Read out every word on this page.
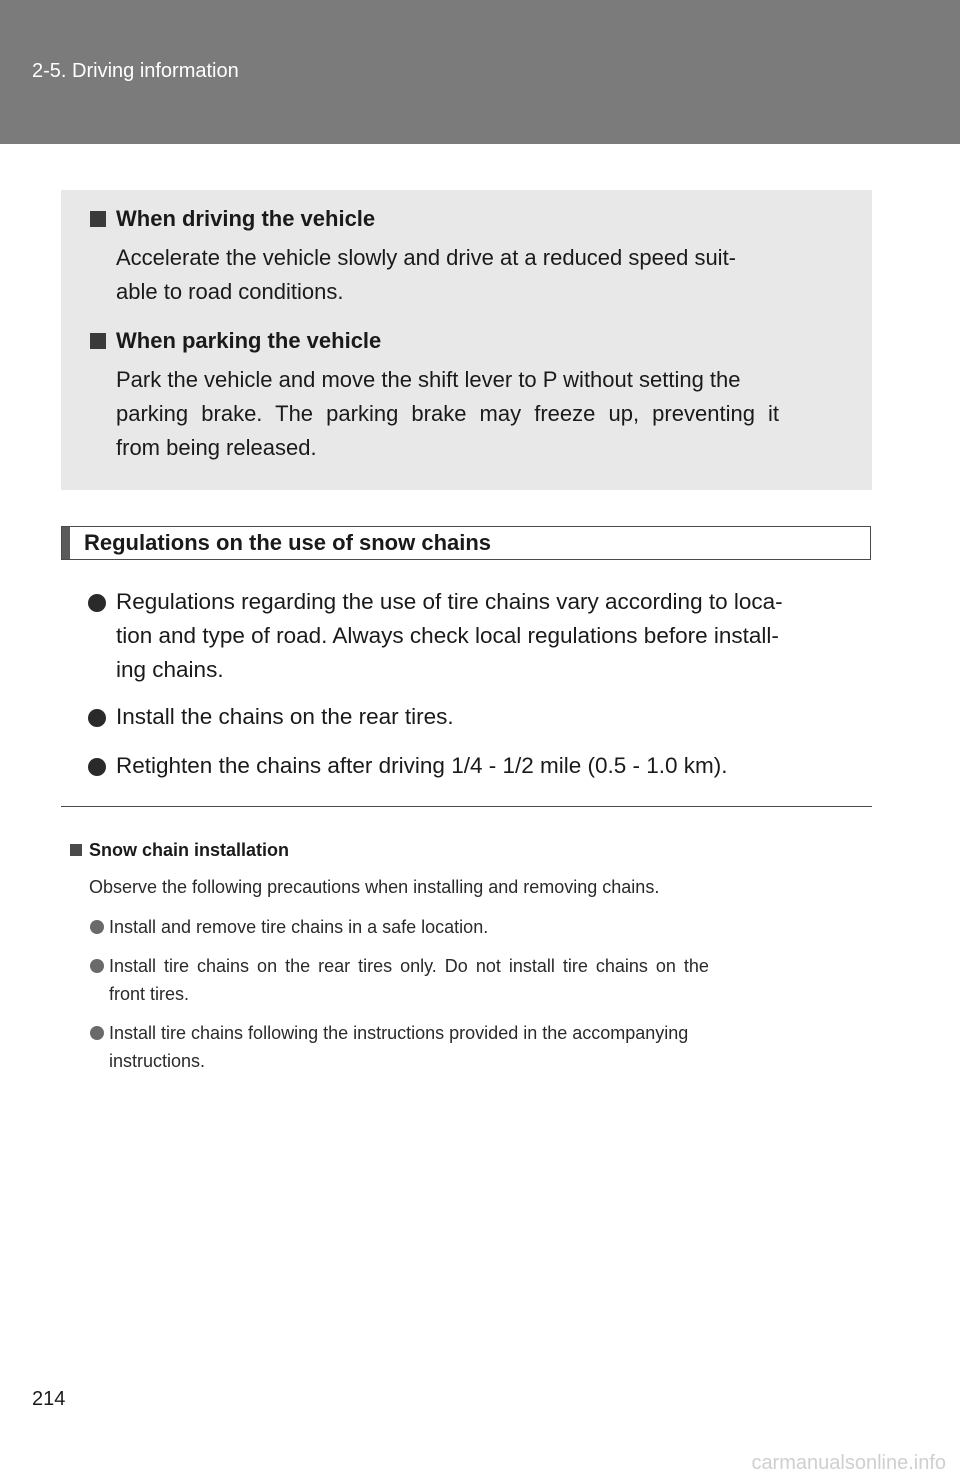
2-5. Driving information
When driving the vehicle
Accelerate the vehicle slowly and drive at a reduced speed suit-
able to road conditions.
When parking the vehicle
Park the vehicle and move the shift lever to P without setting the
parking brake. The parking brake may freeze up, preventing it
from being released.
Regulations on the use of snow chains
Regulations regarding the use of tire chains vary according to loca-
tion and type of road. Always check local regulations before install-
ing chains.
Install the chains on the rear tires.
Retighten the chains after driving 1/4 - 1/2 mile (0.5 - 1.0 km).
Snow chain installation
Observe the following precautions when installing and removing chains.
Install and remove tire chains in a safe location.
Install tire chains on the rear tires only. Do not install tire chains on the
front tires.
Install tire chains following the instructions provided in the accompanying
instructions.
214
carmanualsonline.info
